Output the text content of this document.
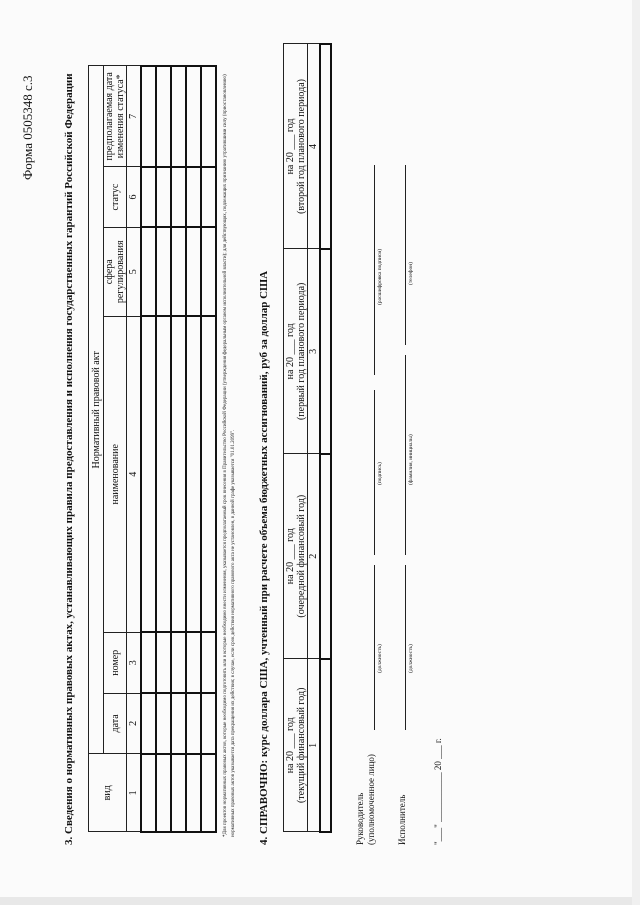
Форма 0505348 с.3	3. Сведения о нормативных правовых актах, устанавливающих правила предоставления и исполнения государственных гарантий Российской Федерации	вид	Нормативный правовой акт					
	дата	номер	наименование	сфера регулирования	статус	предполагаемая дата изменения статуса*
1	2	3	4	5	6	7

							*Для проектов нормативных правовых актов, которые необходимо подготовить или в которые необходимо внести изменения, указывается предполагаемый срок внесения в Правительство Российской Федерации (утверждения федеральным органом исполнительной власти); для действующих, подлежащих признанию утратившими силу (приостановлению) нормативных правовых актов указывается дата прекращения их действия; в случае, если срок действия нормативного правового акта не установлен, в данной графе указывается "01.01.2099". 4. СПРАВОЧНО: курс доллара США, учтенный при расчете объема бюджетных ассигнований, руб за доллар США на 20 ___ год
(текущий финансовый год)	на 20 ___ год
(очередной финансовый год)	на 20 ___ год
(первый год планового периода)	на 20 ___ год
(второй год планового периода)
1	2	3	4

Руководитель (уполномоченное лицо)
(должность)
(подпись)
(расшифровка подписи)
Исполнитель
(должность)
(фамилия, инициалы)
(телефон)
"___" ___________ 20 ___ г.
